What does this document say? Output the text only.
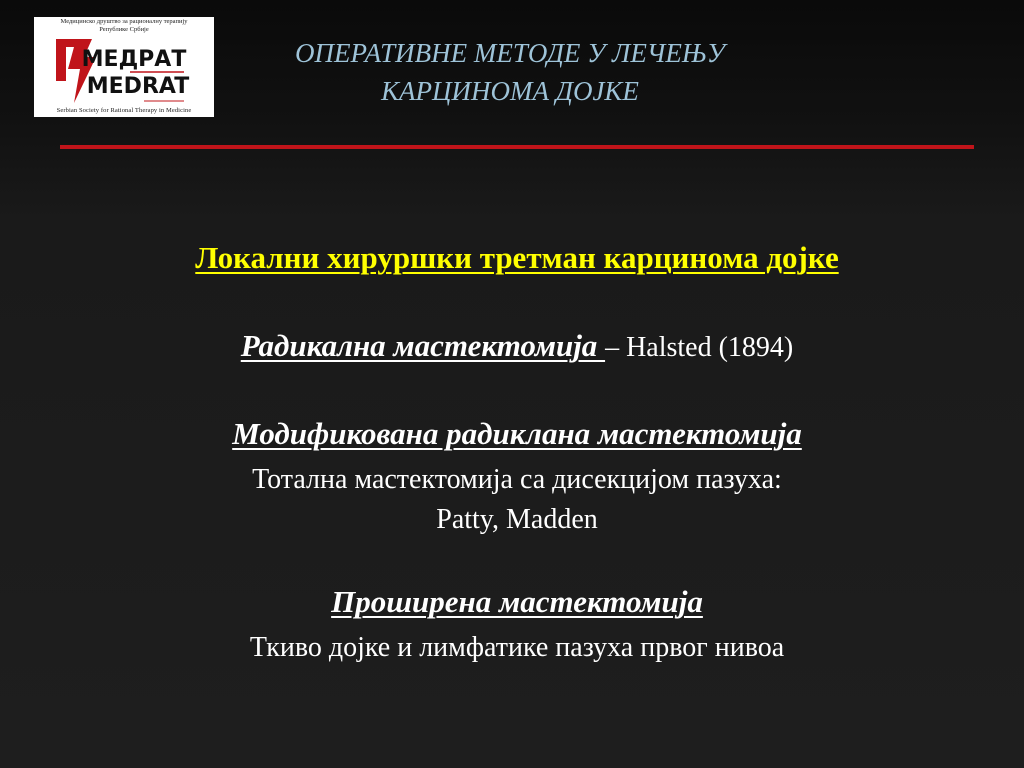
Медицинско друштво за рационалну терапију
Републике Србије
МЕДРАТ
MEDRAT
Serbian Society for Rational Therapy in Medicine
ОПЕРАТИВНЕ МЕТОДЕ У ЛЕЧЕЊУ
КАРЦИНОМА ДОЈКЕ
Локални хируршки третман карцинома дојке
Радикална мастектомија – Halsted (1894)
Модификована радиклана мастектомија
Тотална мастектомија са дисекцијом пазуха:
Patty, Madden
Проширена мастектомија
Ткиво дојке и лимфатике пазуха првог нивоа
